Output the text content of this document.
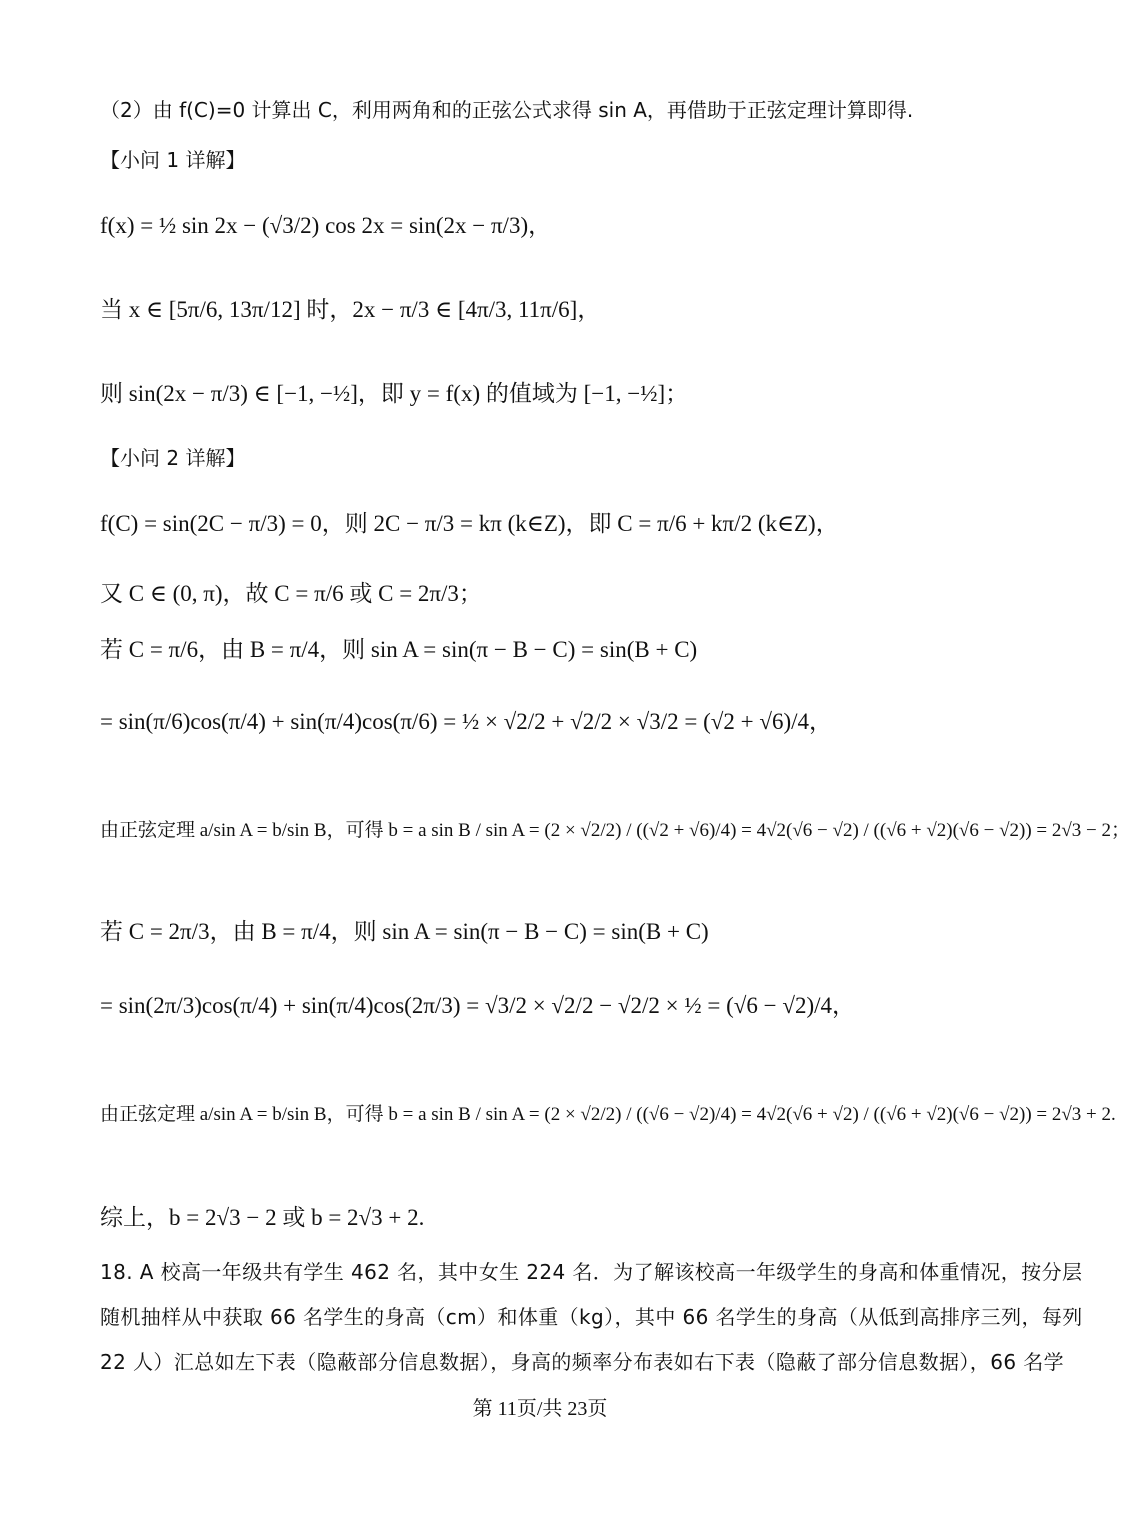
（2）由 f(C)=0 计算出 C，利用两角和的正弦公式求得 sin A，再借助于正弦定理计算即得.
【小问 1 详解】
f(x) = ½ sin 2x − (√3/2) cos 2x = sin(2x − π/3)，
当 x ∈ [5π/6, 13π/12] 时，2x − π/3 ∈ [4π/3, 11π/6]，
则 sin(2x − π/3) ∈ [−1, −½]，即 y = f(x) 的值域为 [−1, −½]；
【小问 2 详解】
f(C) = sin(2C − π/3) = 0，则 2C − π/3 = kπ (k∈Z)，即 C = π/6 + kπ/2 (k∈Z)，
又 C ∈ (0, π)，故 C = π/6 或 C = 2π/3；
若 C = π/6，由 B = π/4，则 sin A = sin(π − B − C) = sin(B + C)
= sin(π/6)cos(π/4) + sin(π/4)cos(π/6) = ½ × √2/2 + √2/2 × √3/2 = (√2 + √6)/4，
由正弦定理 a/sin A = b/sin B，可得 b = a sin B / sin A = (2 × √2/2) / ((√2 + √6)/4) = 4√2(√6 − √2) / ((√6 + √2)(√6 − √2)) = 2√3 − 2；
若 C = 2π/3，由 B = π/4，则 sin A = sin(π − B − C) = sin(B + C)
= sin(2π/3)cos(π/4) + sin(π/4)cos(2π/3) = √3/2 × √2/2 − √2/2 × ½ = (√6 − √2)/4，
由正弦定理 a/sin A = b/sin B，可得 b = a sin B / sin A = (2 × √2/2) / ((√6 − √2)/4) = 4√2(√6 + √2) / ((√6 + √2)(√6 − √2)) = 2√3 + 2.
综上，b = 2√3 − 2 或 b = 2√3 + 2.
18. A 校高一年级共有学生 462 名，其中女生 224 名．为了解该校高一年级学生的身高和体重情况，按分层
随机抽样从中获取 66 名学生的身高（cm）和体重（kg），其中 66 名学生的身高（从低到高排序三列，每列
22 人）汇总如左下表（隐蔽部分信息数据），身高的频率分布表如右下表（隐蔽了部分信息数据），66 名学
第 11页/共 23页
